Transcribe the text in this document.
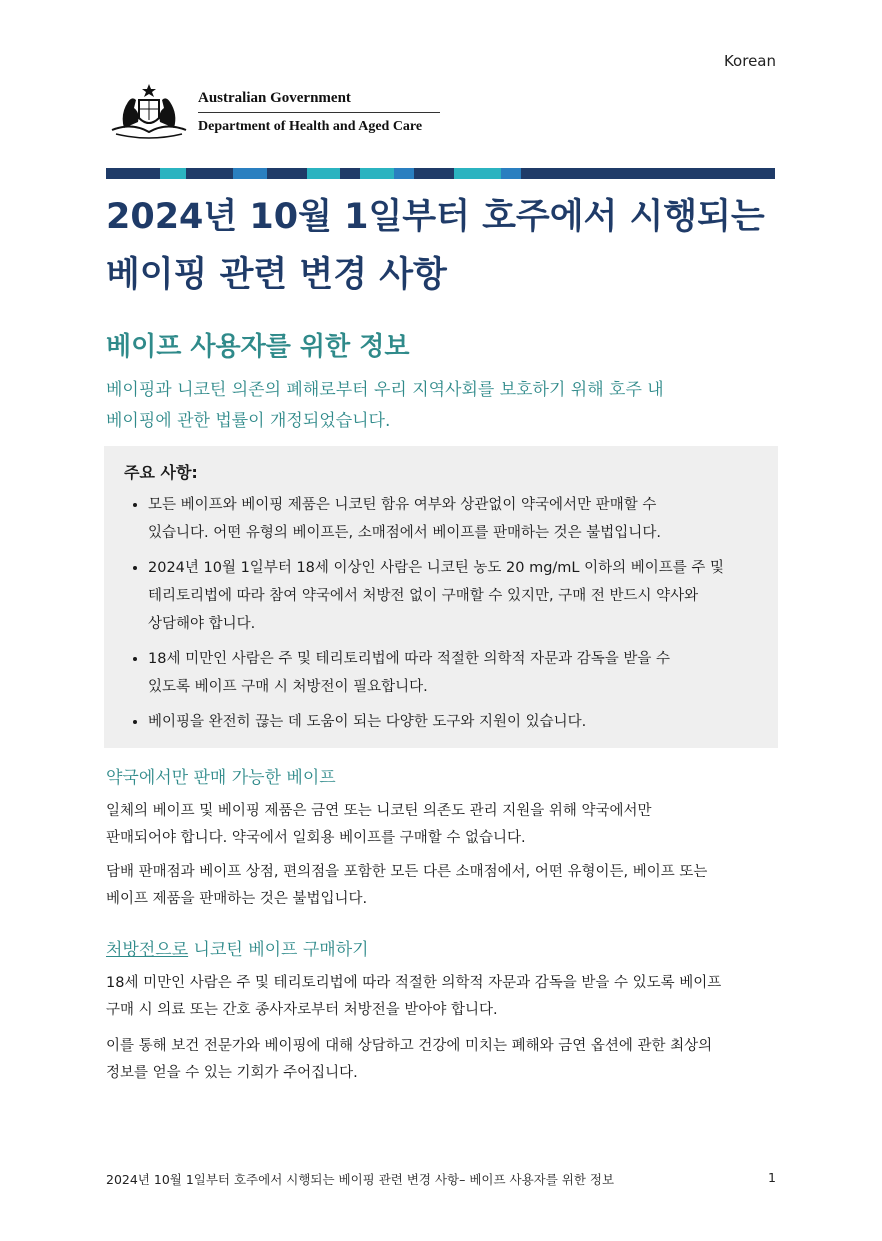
Korean
Australian Government
Department of Health and Aged Care
2024년 10월 1일부터 호주에서 시행되는
베이핑 관련 변경 사항
베이프 사용자를 위한 정보

베이핑과 니코틴 의존의 폐해로부터 우리 지역사회를 보호하기 위해 호주 내
베이핑에 관한 법률이 개정되었습니다.

주요 사항:
• 모든 베이프와 베이핑 제품은 니코틴 함유 여부와 상관없이 약국에서만 판매할 수
있습니다. 어떤 유형의 베이프든, 소매점에서 베이프를 판매하는 것은 불법입니다.
• 2024년 10월 1일부터 18세 이상인 사람은 니코틴 농도 20 mg/mL 이하의 베이프를 주 및
테리토리법에 따라 참여 약국에서 처방전 없이 구매할 수 있지만, 구매 전 반드시 약사와
상담해야 합니다.
• 18세 미만인 사람은 주 및 테리토리법에 따라 적절한 의학적 자문과 감독을 받을 수
있도록 베이프 구매 시 처방전이 필요합니다.
• 베이핑을 완전히 끊는 데 도움이 되는 다양한 도구와 지원이 있습니다.
약국에서만 판매 가능한 베이프

일체의 베이프 및 베이핑 제품은 금연 또는 니코틴 의존도 관리 지원을 위해 약국에서만
판매되어야 합니다. 약국에서 일회용 베이프를 구매할 수 없습니다.

담배 판매점과 베이프 상점, 편의점을 포함한 모든 다른 소매점에서, 어떤 유형이든, 베이프 또는
베이프 제품을 판매하는 것은 불법입니다.

처방전으로 니코틴 베이프 구매하기

18세 미만인 사람은 주 및 테리토리법에 따라 적절한 의학적 자문과 감독을 받을 수 있도록 베이프
구매 시 의료 또는 간호 종사자로부터 처방전을 받아야 합니다.

이를 통해 보건 전문가와 베이핑에 대해 상담하고 건강에 미치는 폐해와 금연 옵션에 관한 최상의
정보를 얻을 수 있는 기회가 주어집니다.

2024년 10월 1일부터 호주에서 시행되는 베이핑 관련 변경 사항– 베이프 사용자를 위한 정보	1
